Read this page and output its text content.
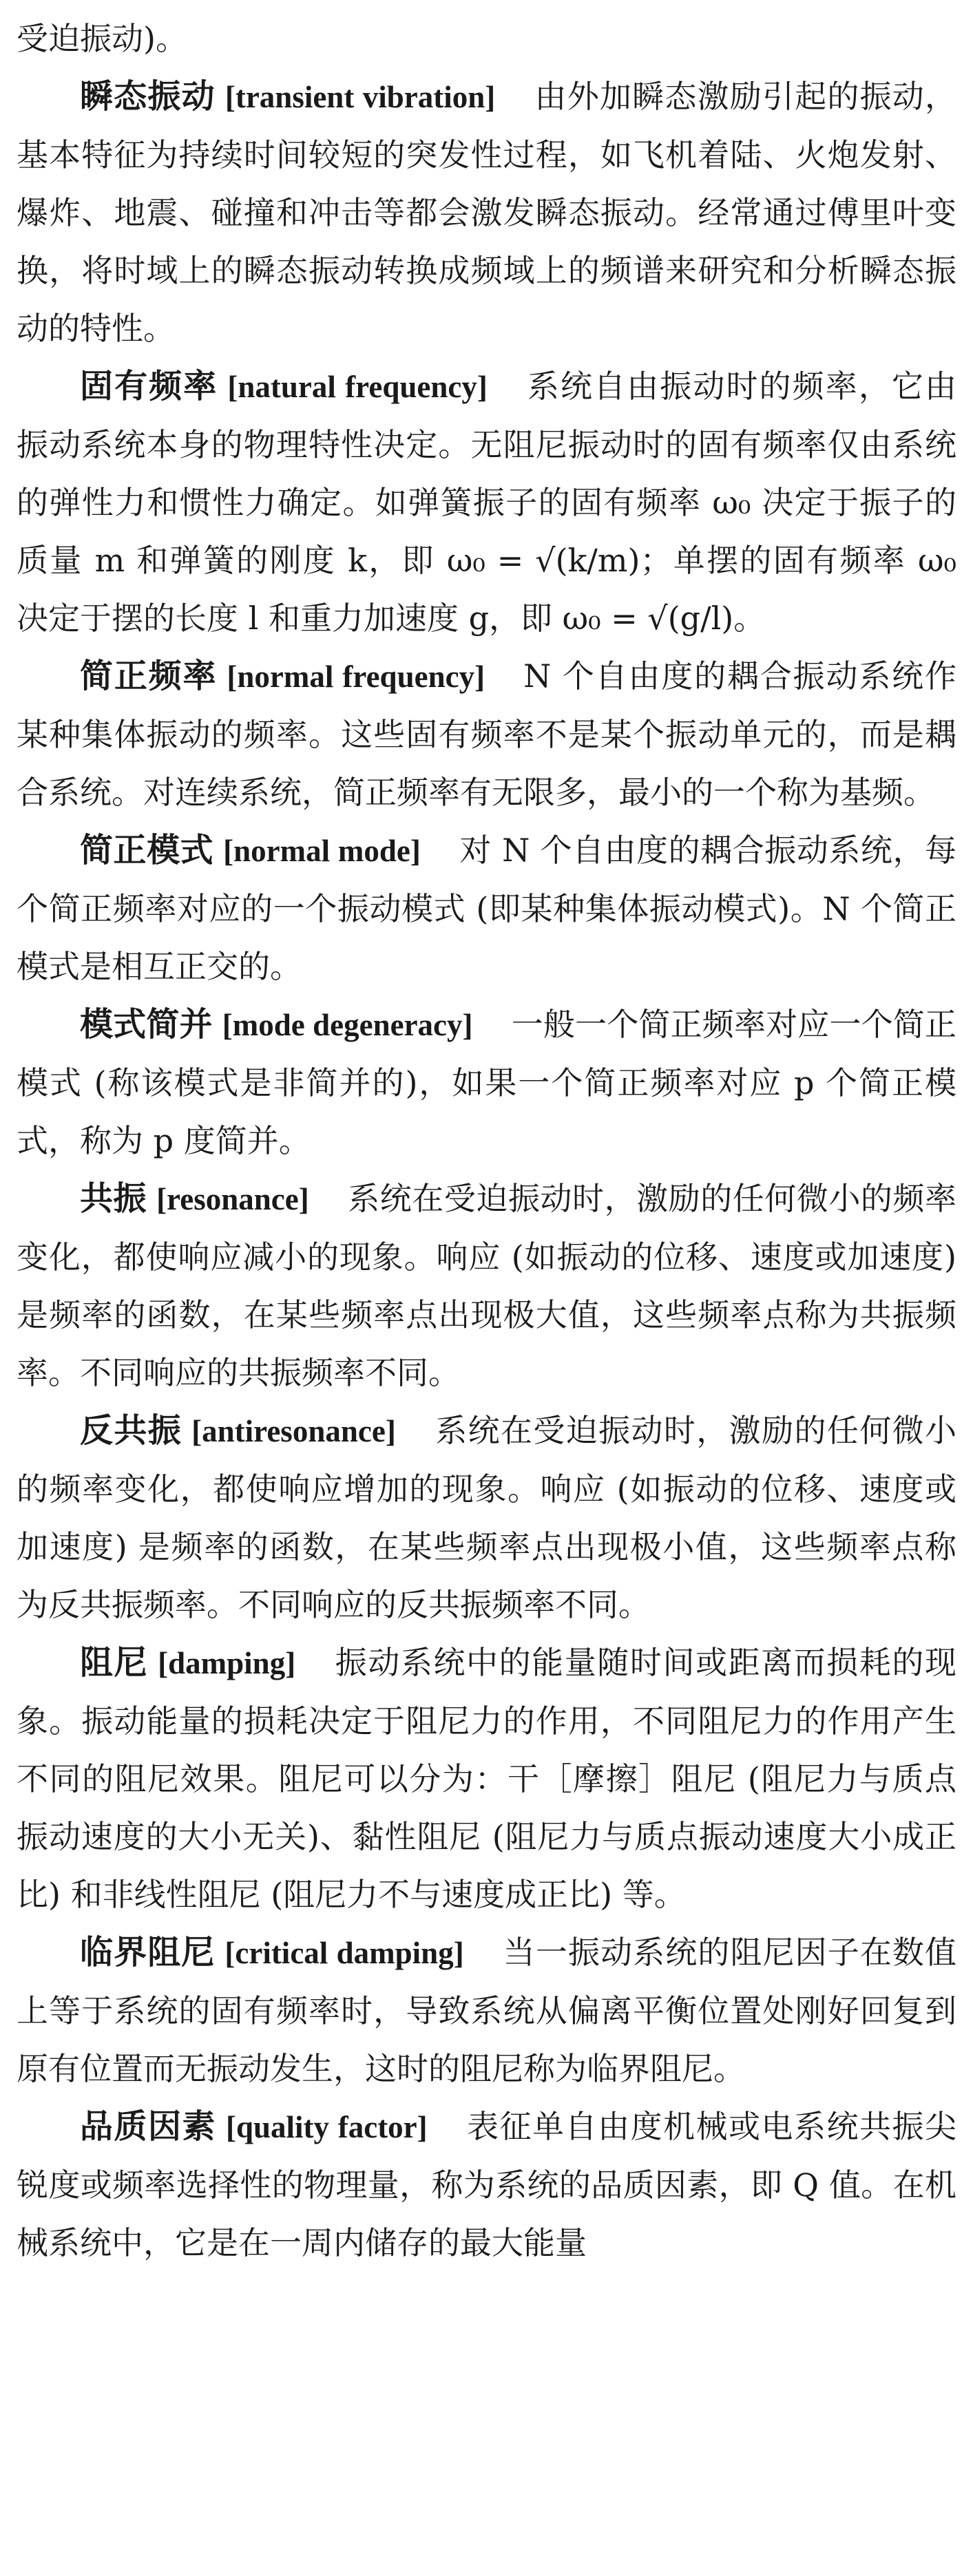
受迫振动)。

瞬态振动 [transient vibration] 由外加瞬态激励引起的振动，基本特征为持续时间较短的突发性过程，如飞机着陆、火炮发射、爆炸、地震、碰撞和冲击等都会激发瞬态振动。经常通过傅里叶变换，将时域上的瞬态振动转换成频域上的频谱来研究和分析瞬态振动的特性。

固有频率 [natural frequency] 系统自由振动时的频率，它由振动系统本身的物理特性决定。无阻尼振动时的固有频率仅由系统的弹性力和惯性力确定。如弹簧振子的固有频率 ω₀ 决定于振子的质量 m 和弹簧的刚度 k，即 ω₀ = √(k/m)；单摆的固有频率 ω₀ 决定于摆的长度 l 和重力加速度 g，即 ω₀ = √(g/l)。

简正频率 [normal frequency] N 个自由度的耦合振动系统作某种集体振动的频率。这些固有频率不是某个振动单元的，而是耦合系统。对连续系统，简正频率有无限多，最小的一个称为基频。

简正模式 [normal mode] 对 N 个自由度的耦合振动系统，每个简正频率对应的一个振动模式 (即某种集体振动模式)。N 个简正模式是相互正交的。

模式简并 [mode degeneracy] 一般一个简正频率对应一个简正模式 (称该模式是非简并的)，如果一个简正频率对应 p 个简正模式，称为 p 度简并。

共振 [resonance] 系统在受迫振动时，激励的任何微小的频率变化，都使响应减小的现象。响应 (如振动的位移、速度或加速度) 是频率的函数，在某些频率点出现极大值，这些频率点称为共振频率。不同响应的共振频率不同。

反共振 [antiresonance] 系统在受迫振动时，激励的任何微小的频率变化，都使响应增加的现象。响应 (如振动的位移、速度或加速度) 是频率的函数，在某些频率点出现极小值，这些频率点称为反共振频率。不同响应的反共振频率不同。

阻尼 [damping] 振动系统中的能量随时间或距离而损耗的现象。振动能量的损耗决定于阻尼力的作用，不同阻尼力的作用产生不同的阻尼效果。阻尼可以分为：干［摩擦］阻尼 (阻尼力与质点振动速度的大小无关)、黏性阻尼 (阻尼力与质点振动速度大小成正比) 和非线性阻尼 (阻尼力不与速度成正比) 等。

临界阻尼 [critical damping] 当一振动系统的阻尼因子在数值上等于系统的固有频率时，导致系统从偏离平衡位置处刚好回复到原有位置而无振动发生，这时的阻尼称为临界阻尼。

品质因素 [quality factor] 表征单自由度机械或电系统共振尖锐度或频率选择性的物理量，称为系统的品质因素，即 Q 值。在机械系统中，它是在一周内储存的最大能量
